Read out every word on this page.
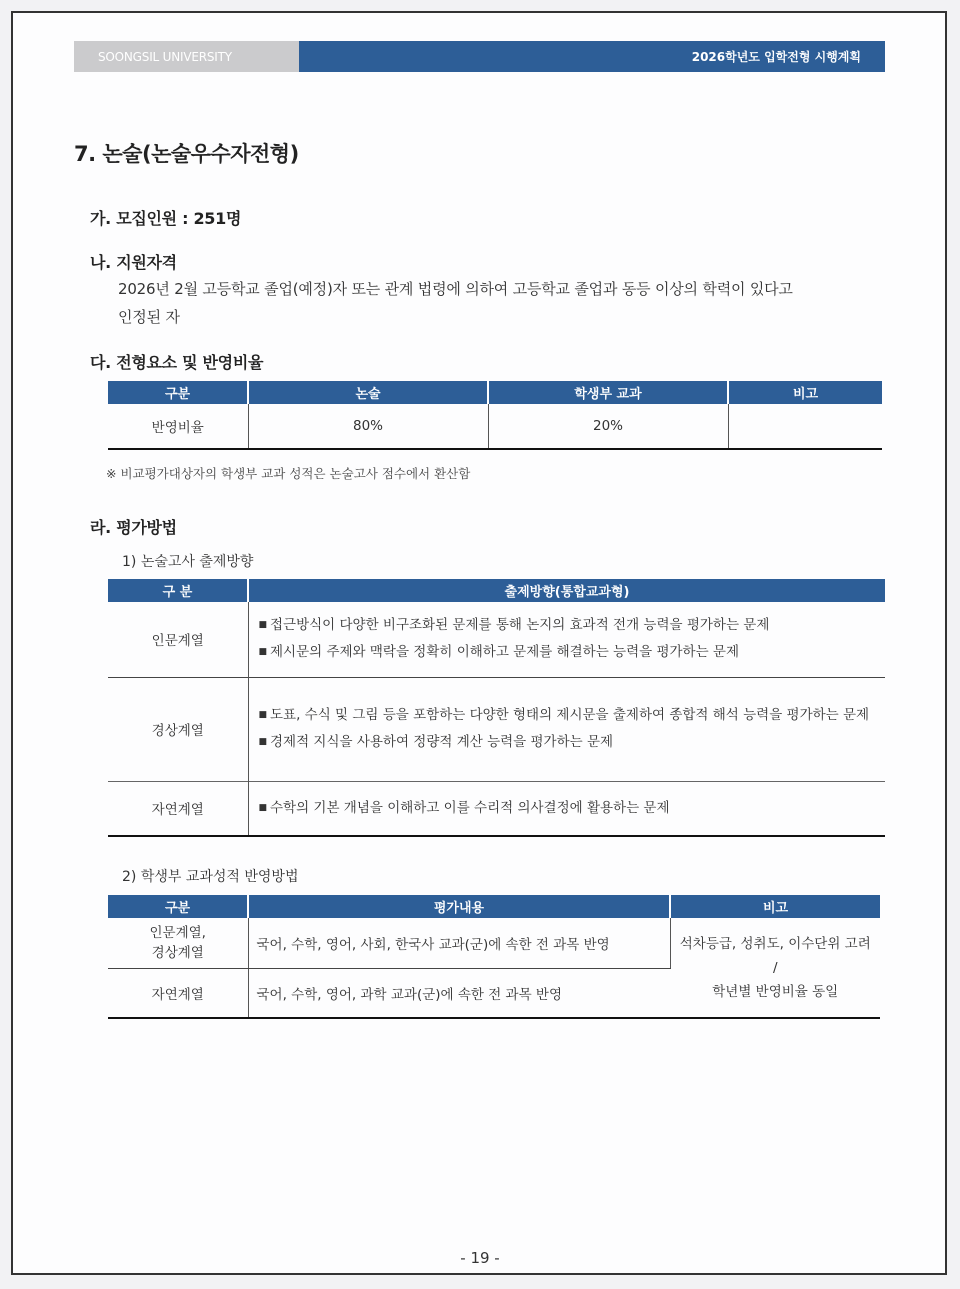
SOONGSIL UNIVERSITY	2026학년도 입학전형 시행계획
7. 논술(논술우수자전형)
가. 모집인원 : 251명
나. 지원자격
2026년 2월 고등학교 졸업(예정)자 또는 관계 법령에 의하여 고등학교 졸업과 동등 이상의 학력이 있다고
인정된 자
다. 전형요소 및 반영비율
구분	논술	학생부 교과	비고
반영비율	80%	20%	
※ 비교평가대상자의 학생부 교과 성적은 논술고사 점수에서 환산함
라. 평가방법
1) 논술고사 출제방향
구 분	출제방향(통합교과형)
인문계열	■ 접근방식이 다양한 비구조화된 문제를 통해 논지의 효과적 전개 능력을 평가하는 문제
■ 제시문의 주제와 맥락을 정확히 이해하고 문제를 해결하는 능력을 평가하는 문제

경상계열	■ 도표, 수식 및 그림 등을 포함하는 다양한 형태의 제시문을 출제하여 종합적 해석 능력을 평가하는 문제
■ 경제적 지식을 사용하여 정량적 계산 능력을 평가하는 문제

자연계열	■ 수학의 기본 개념을 이해하고 이를 수리적 의사결정에 활용하는 문제
2) 학생부 교과성적 반영방법
구분	평가내용	비고

인문계열,
경상계열	국어, 수학, 영어, 사회, 한국사 교과(군)에 속한 전 과목 반영	석차등급, 성취도, 이수단위 고려
/
학년별 반영비율 동일

자연계열	국어, 수학, 영어, 과학 교과(군)에 속한 전 과목 반영	
- 19 -
